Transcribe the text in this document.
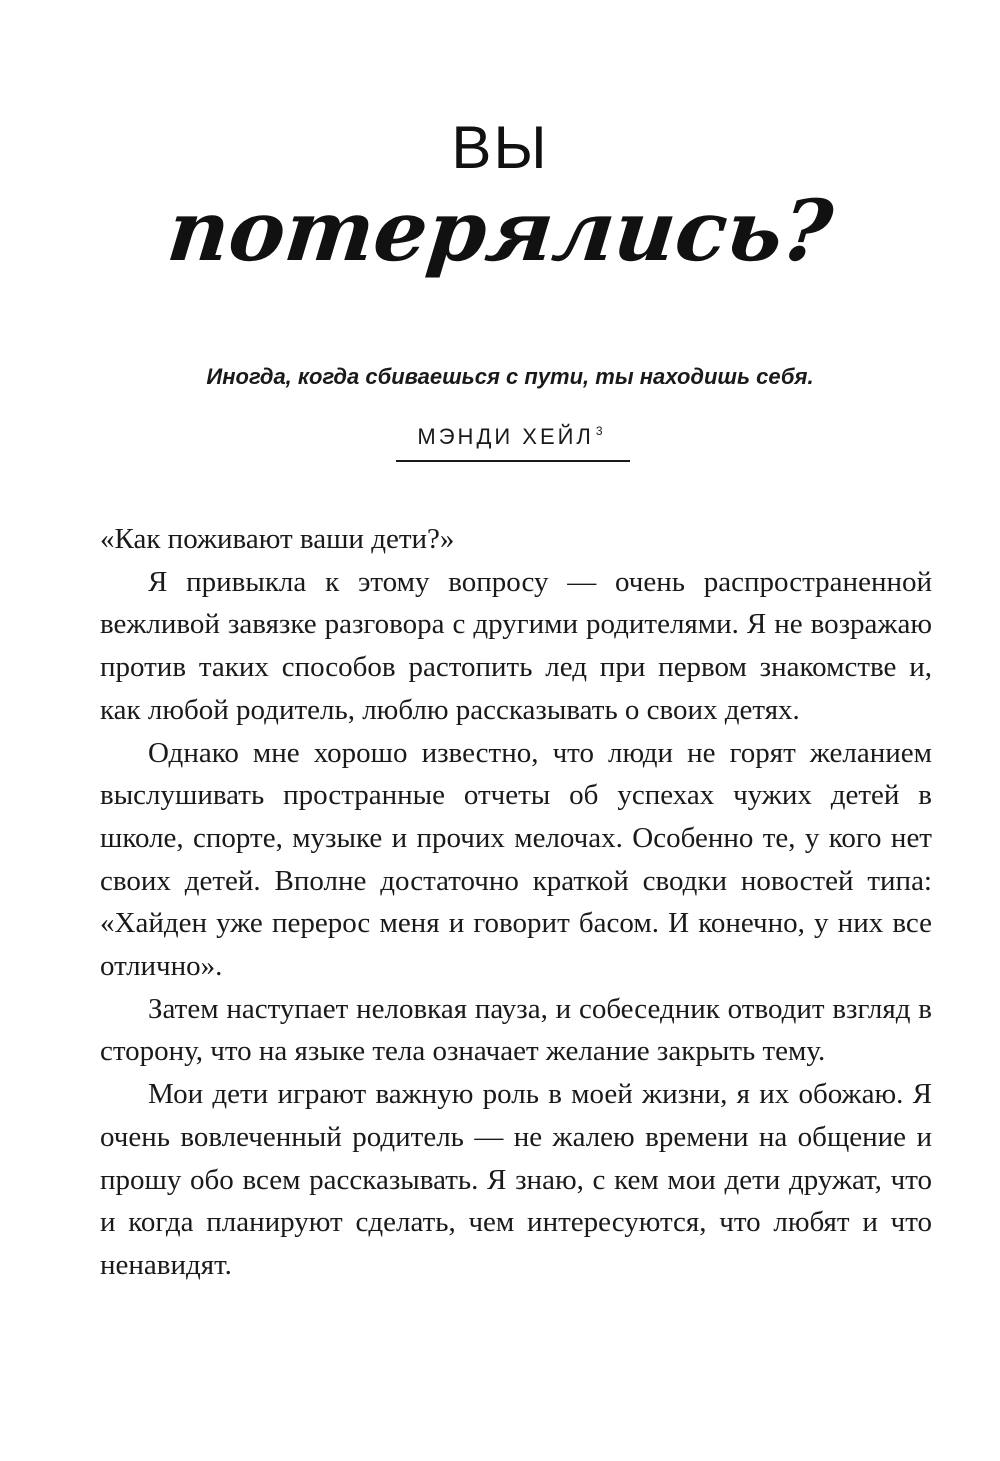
ВЫ
потерялись?
Иногда, когда сбиваешься с пути, ты находишь себя.
МЭНДИ ХЕЙЛ $^3$

«Как поживают ваши дети?»

Я привыкла к этому вопросу — очень распространенной вежливой завязке разговора с другими родителями. Я не возражаю против таких способов растопить лед при первом знакомстве и, как любой родитель, люблю рассказывать о своих детях.

Однако мне хорошо известно, что люди не горят желанием выслушивать пространные отчеты об успехах чужих детей в школе, спорте, музыке и прочих мелочах. Особенно те, у кого нет своих детей. Вполне достаточно краткой сводки новостей типа: «Хайден уже перерос меня и говорит басом. И конечно, у них все отлично».

Затем наступает неловкая пауза, и собеседник отводит взгляд в сторону, что на языке тела означает желание закрыть тему.

Мои дети играют важную роль в моей жизни, я их обожаю. Я очень вовлеченный родитель — не жалею времени на общение и прошу обо всем рассказывать. Я знаю, с кем мои дети дружат, что и когда планируют сделать, чем интересуются, что любят и что ненавидят.
